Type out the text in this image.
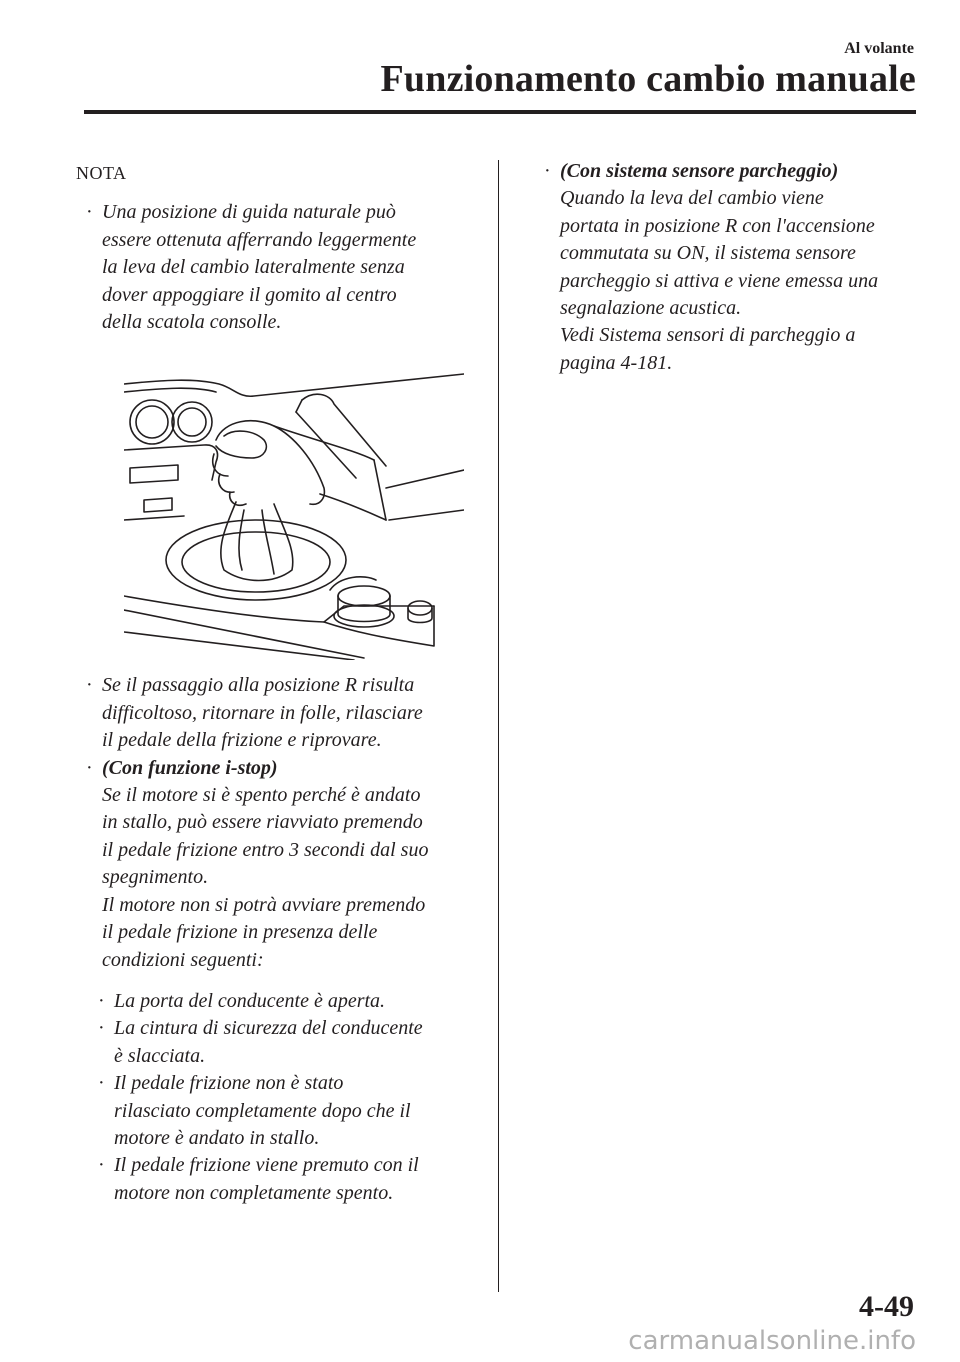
Al volante
Funzionamento cambio manuale
NOTA
· Una posizione di guida naturale può
essere ottenuta afferrando leggermente
la leva del cambio lateralmente senza
dover appoggiare il gomito al centro
della scatola consolle.
· Se il passaggio alla posizione R risulta
difficoltoso, ritornare in folle, rilasciare
il pedale della frizione e riprovare.
· (Con funzione i-stop)
Se il motore si è spento perché è andato
in stallo, può essere riavviato premendo
il pedale frizione entro 3 secondi dal suo
spegnimento.
Il motore non si potrà avviare premendo
il pedale frizione in presenza delle
condizioni seguenti:
· La porta del conducente è aperta.
· La cintura di sicurezza del conducente
è slacciata.
· Il pedale frizione non è stato
rilasciato completamente dopo che il
motore è andato in stallo.
· Il pedale frizione viene premuto con il
motore non completamente spento.
· (Con sistema sensore parcheggio)
Quando la leva del cambio viene
portata in posizione R con l'accensione
commutata su ON, il sistema sensore
parcheggio si attiva e viene emessa una
segnalazione acustica.
Vedi Sistema sensori di parcheggio a
pagina 4-181.
4-49
carmanualsonline.info
